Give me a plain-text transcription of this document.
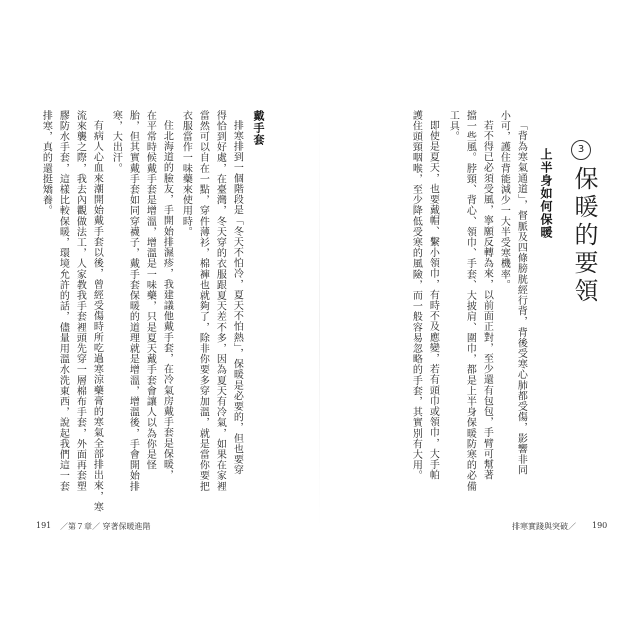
3
保暖的要領
上半身如何保暖
「背為寒氣通道」，督脈及四條膀胱經行背，背後受寒心肺都受傷，影響非同
小可，護住背能減少一大半受寒機率。
若不得已必須受風，寧願反轉為來，以前面正對，至少還有包包，手臂可幫著
擋一些風。脖頸、背心、領巾、手套、大披肩、圍巾，都是上半身保暖防寒的必備
工具。
即使是夏天，也要戴帽、繫小領巾，有時不及應變，若有頭巾或領巾，大手帕
護住頭頸咽喉，至少降低受寒的風險，而一般容易忽略的手套，其實別有大用。
排寒實踐與突破／ 190
戴手套
排寒排到一個階段是「冬天不怕冷，夏天不怕熱」，保暖是必要的，但也要穿
得恰到好處，在臺灣，冬天穿的衣服跟夏天差不多，因為夏天有冷氣，如果在家裡
當然可以自在一點，穿件薄衫，棉褲也就夠了，除非你要多穿加溫，就是當你要把
衣服當作一味藥來使用時。
住北海道的臉友，手開始排濕疹，我建議他戴手套，在冷氣房戴手套是保暖，
在平常時候戴手套是增溫，增溫是一味藥，只是夏天戴手套會讓人以為你是怪
胎，但其實戴手套如同穿襪子，戴手套保暖的道理就是增溫，增溫後，手會開始排
寒，大出汗。
有病人心血來潮開始戴手套以後，曾經受傷時所吃過寒涼藥膏的寒氣全部排出來，寒
流來襲之際，我去內觀做法工，人家教我手套裡頭先穿一層棉布手套，外面再套塑
膠防水手套，這樣比較保暖，環境允許的話，儘量用溫水洗東西，說起我們這一套
排寒，真的還挺矯養。
191 ／第７章／ 穿著保暖進階
